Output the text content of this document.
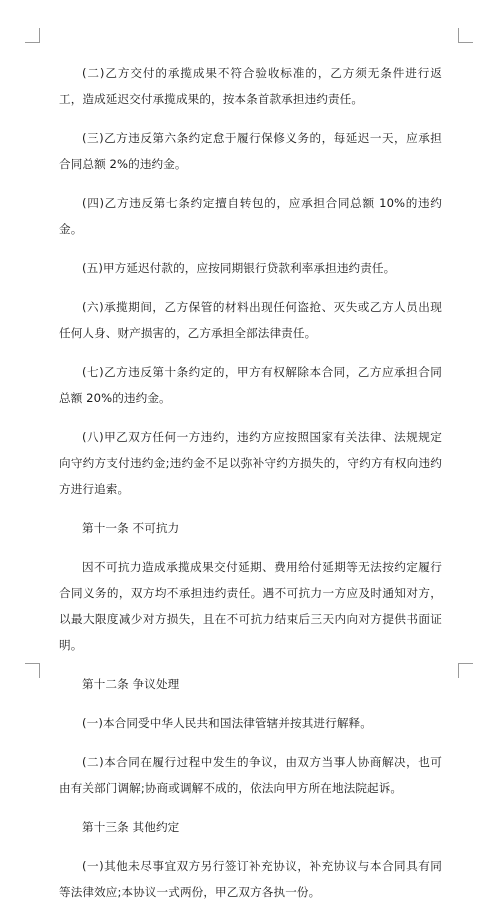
(二)乙方交付的承揽成果不符合验收标准的，乙方须无条件进行返工，造成延迟交付承揽成果的，按本条首款承担违约责任。

(三)乙方违反第六条约定怠于履行保修义务的，每延迟一天，应承担合同总额 2%的违约金。

(四)乙方违反第七条约定擅自转包的，应承担合同总额 10%的违约金。

(五)甲方延迟付款的，应按同期银行贷款利率承担违约责任。

(六)承揽期间，乙方保管的材料出现任何盗抢、灭失或乙方人员出现任何人身、财产损害的，乙方承担全部法律责任。

(七)乙方违反第十条约定的，甲方有权解除本合同，乙方应承担合同总额 20%的违约金。

(八)甲乙双方任何一方违约，违约方应按照国家有关法律、法规规定向守约方支付违约金;违约金不足以弥补守约方损失的，守约方有权向违约方进行追索。

第十一条 不可抗力

因不可抗力造成承揽成果交付延期、费用给付延期等无法按约定履行合同义务的，双方均不承担违约责任。遇不可抗力一方应及时通知对方，以最大限度减少对方损失，且在不可抗力结束后三天内向对方提供书面证明。

第十二条 争议处理

(一)本合同受中华人民共和国法律管辖并按其进行解释。

(二)本合同在履行过程中发生的争议，由双方当事人协商解决，也可由有关部门调解;协商或调解不成的，依法向甲方所在地法院起诉。

第十三条 其他约定

(一)其他未尽事宜双方另行签订补充协议，补充协议与本合同具有同等法律效应;本协议一式两份，甲乙双方各执一份。
